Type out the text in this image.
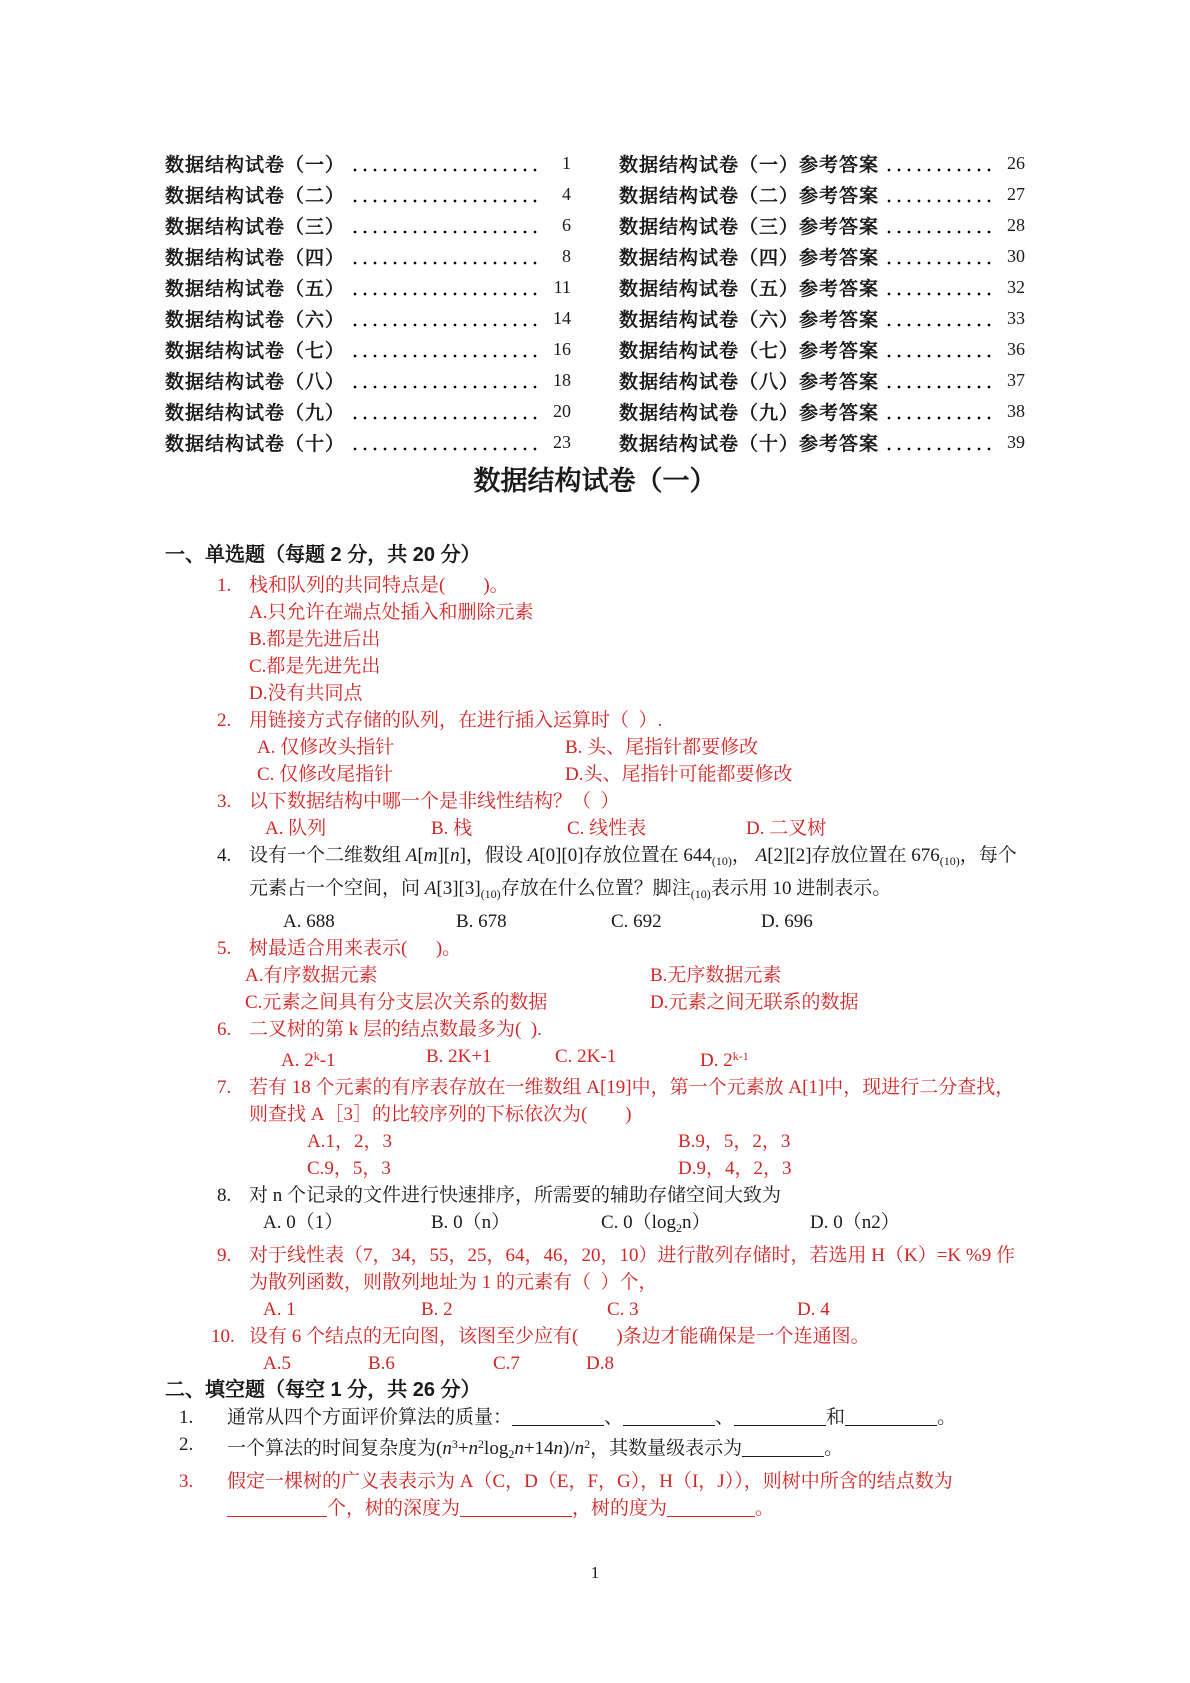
数据结构试卷（一）	1
数据结构试卷（二）	4
数据结构试卷（三）	6
数据结构试卷（四）	8
数据结构试卷（五）	11
数据结构试卷（六）	14
数据结构试卷（七）	16
数据结构试卷（八）	18
数据结构试卷（九）	20
数据结构试卷（十）	23
数据结构试卷（一）参考答案	26
数据结构试卷（二）参考答案	27
数据结构试卷（三）参考答案	28
数据结构试卷（四）参考答案	30
数据结构试卷（五）参考答案	32
数据结构试卷（六）参考答案	33
数据结构试卷（七）参考答案	36
数据结构试卷（八）参考答案	37
数据结构试卷（九）参考答案	38
数据结构试卷（十）参考答案	39
数据结构试卷（一）
一、单选题（每题 2 分，共 20 分）
1. 栈和队列的共同特点是(        )。
A.只允许在端点处插入和删除元素
B.都是先进后出
C.都是先进先出
D.没有共同点
2. 用链接方式存储的队列，在进行插入运算时（  ）.
A. 仅修改头指针	B. 头、尾指针都要修改
C. 仅修改尾指针	D.头、尾指针可能都要修改
3. 以下数据结构中哪一个是非线性结构？（  ）
A. 队列	B. 栈	C. 线性表	D. 二叉树
4. 设有一个二维数组 A[m][n]，假设 A[0][0]存放位置在 $644_{(10)}$， A[2][2]存放位置在 $676_{(10)}$，每个元素占一个空间，问 $A[3][3]_{(10)}$存放在什么位置？脚注$_{(10)}$表示用 10 进制表示。
A. 688	B. 678	C. 692	D. 696
5. 树最适合用来表示(      )。
A.有序数据元素	B.无序数据元素
C.元素之间具有分支层次关系的数据	D.元素之间无联系的数据
6. 二叉树的第 k 层的结点数最多为(  ).
A. 2$^k$-1	B. 2K+1	C. 2K-1	D. 2$^{k-1}$
7. 若有 18 个元素的有序表存放在一维数组 A[19]中，第一个元素放 A[1]中，现进行二分查找，则查找 A［3］的比较序列的下标依次为(        )
A.1，2，3	B.9，5，2，3
C.9，5，3	D.9，4，2，3
8. 对 n 个记录的文件进行快速排序，所需要的辅助存储空间大致为
A. 0（1）	B. 0（n）	C. $0(\log_2n)$	D. 0（n2）
9. 对于线性表（7，34，55，25，64，46，20，10）进行散列存储时，若选用 H（K）=K %9 作为散列函数，则散列地址为 1 的元素有（  ）个，
A. 1	B. 2	C. 3	D. 4
10. 设有 6 个结点的无向图，该图至少应有(        )条边才能确保是一个连通图。
A.5	B.6	C.7	D.8
二、填空题（每空 1 分，共 26 分）
1. 通常从四个方面评价算法的质量：	、	、	和	。
2. 一个算法的时间复杂度为$(n^3+n^2\log_2n+14n)/n^2$，其数量级表示为	。
3. 假定一棵树的广义表表示为 A（C，D（E，F，G），H（I，J）），则树中所含的结点数为个，树的深度为	，树的度为	。
1
